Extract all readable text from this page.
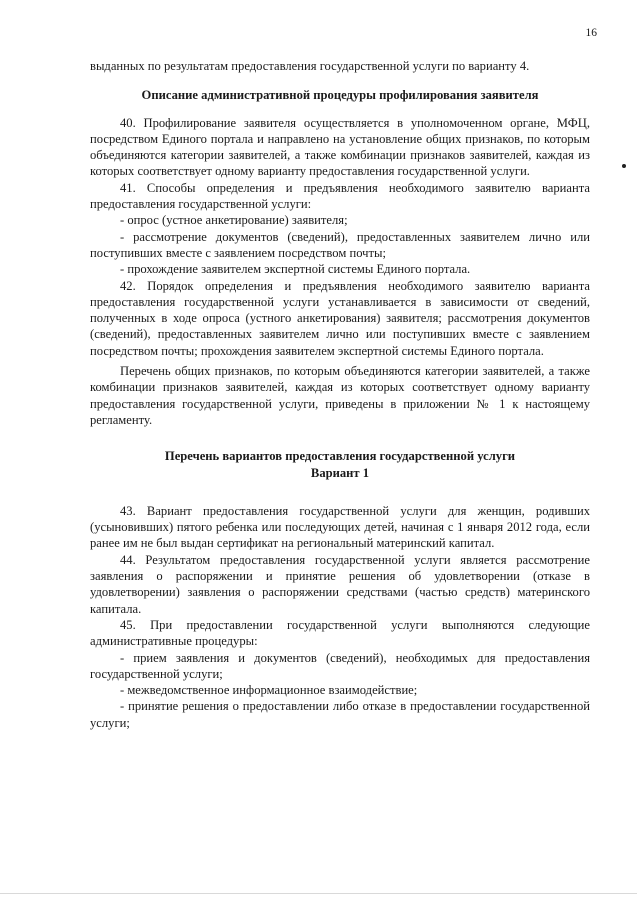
16

выданных по результатам предоставления государственной услуги по варианту 4.

Описание административной процедуры профилирования заявителя

40. Профилирование заявителя осуществляется в уполномоченном органе, МФЦ, посредством Единого портала и направлено на установление общих признаков, по которым объединяются категории заявителей, а также комбинации признаков заявителей, каждая из которых соответствует одному варианту предоставления государственной услуги.

41. Способы определения и предъявления необходимого заявителю варианта предоставления государственной услуги:

- опрос (устное анкетирование) заявителя;

- рассмотрение документов (сведений), предоставленных заявителем лично или поступивших вместе с заявлением посредством почты;

- прохождение заявителем экспертной системы Единого портала.

42. Порядок определения и предъявления необходимого заявителю варианта предоставления государственной услуги устанавливается в зависимости от сведений, полученных в ходе опроса (устного анкетирования) заявителя; рассмотрения документов (сведений), предоставленных заявителем лично или поступивших вместе с заявлением посредством почты; прохождения заявителем экспертной системы Единого портала.

Перечень общих признаков, по которым объединяются категории заявителей, а также комбинации признаков заявителей, каждая из которых соответствует одному варианту предоставления государственной услуги, приведены в приложении № 1 к настоящему регламенту.

Перечень вариантов предоставления государственной услуги

Вариант 1

43. Вариант предоставления государственной услуги для женщин, родивших (усыновивших) пятого ребенка или последующих детей, начиная с 1 января 2012 года, если ранее им не был выдан сертификат на региональный материнский капитал.

44. Результатом предоставления государственной услуги является рассмотрение заявления о распоряжении и принятие решения об удовлетворении (отказе в удовлетворении) заявления о распоряжении средствами (частью средств) материнского капитала.

45. При предоставлении государственной услуги выполняются следующие административные процедуры:

- прием заявления и документов (сведений), необходимых для предоставления государственной услуги;

- межведомственное информационное взаимодействие;

- принятие решения о предоставлении либо отказе в предоставлении государственной услуги;
